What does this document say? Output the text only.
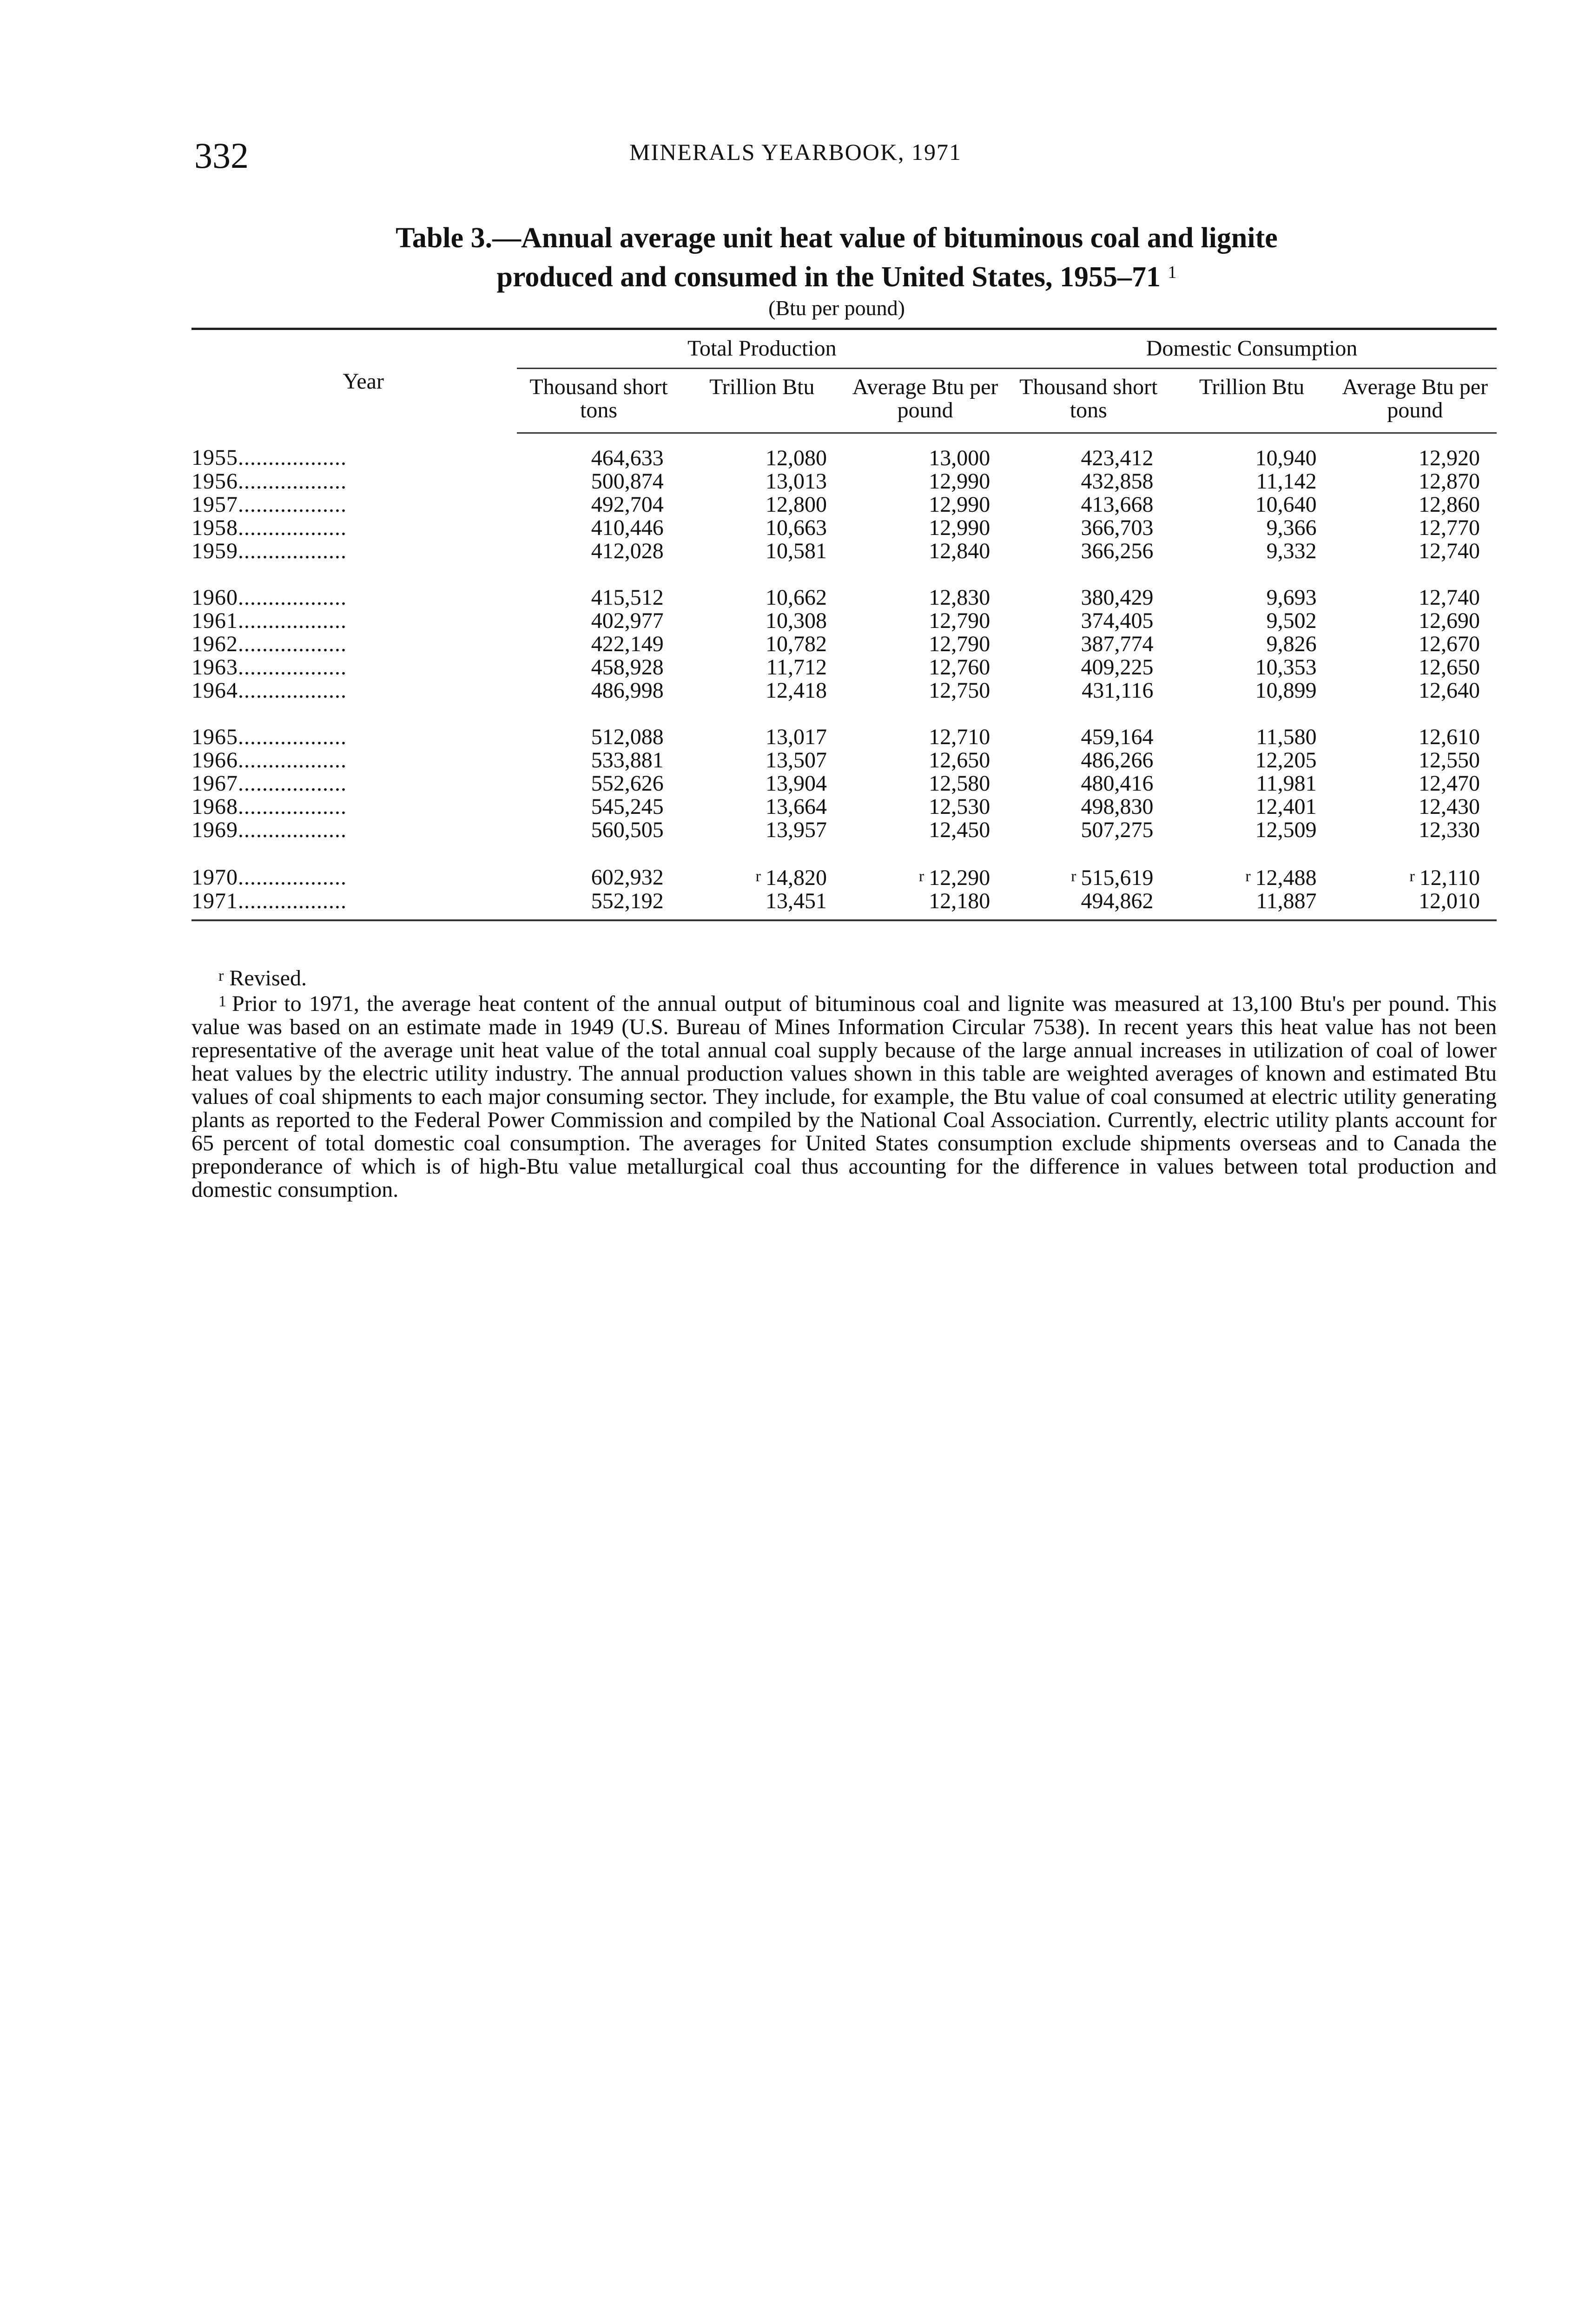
332	MINERALS YEARBOOK, 1971
Table 3.—Annual average unit heat value of bituminous coal and lignite
produced and consumed in the United States, 1955–71 $^1$
(Btu per pound)
Year	Total Production			Domestic Consumption		
	Thousand short tons	Trillion Btu	Average Btu per pound	Thousand short tons	Trillion Btu	Average Btu per pound
1955..................	464,633	12,080	13,000	423,412	10,940	12,920
1956..................	500,874	13,013	12,990	432,858	11,142	12,870
1957..................	492,704	12,800	12,990	413,668	10,640	12,860
1958..................	410,446	10,663	12,990	366,703	9,366	12,770
1959..................	412,028	10,581	12,840	366,256	9,332	12,740
1960..................	415,512	10,662	12,830	380,429	9,693	12,740
1961..................	402,977	10,308	12,790	374,405	9,502	12,690
1962..................	422,149	10,782	12,790	387,774	9,826	12,670
1963..................	458,928	11,712	12,760	409,225	10,353	12,650
1964..................	486,998	12,418	12,750	431,116	10,899	12,640
1965..................	512,088	13,017	12,710	459,164	11,580	12,610
1966..................	533,881	13,507	12,650	486,266	12,205	12,550
1967..................	552,626	13,904	12,580	480,416	11,981	12,470
1968..................	545,245	13,664	12,530	498,830	12,401	12,430
1969..................	560,505	13,957	12,450	507,275	12,509	12,330
1970..................	602,932	r 14,820	r 12,290	r 515,619	r 12,488	r 12,110
1971..................	552,192	13,451	12,180	494,862	11,887	12,010
$^r$ Revised.
$^1$ Prior to 1971, the average heat content of the annual output of bituminous coal and lignite was measured at 13,100 Btu's per pound. This value was based on an estimate made in 1949 (U.S. Bureau of Mines Information Circular 7538). In recent years this heat value has not been representative of the average unit heat value of the total annual coal supply because of the large annual increases in utilization of coal of lower heat values by the electric utility industry. The annual production values shown in this table are weighted averages of known and estimated Btu values of coal shipments to each major consuming sector. They include, for example, the Btu value of coal consumed at electric utility generating plants as reported to the Federal Power Commission and compiled by the National Coal Association. Currently, electric utility plants account for 65 percent of total domestic coal consumption. The averages for United States consumption exclude shipments overseas and to Canada the preponderance of which is of high-Btu value metallurgical coal thus accounting for the difference in values between total production and domestic consumption.
